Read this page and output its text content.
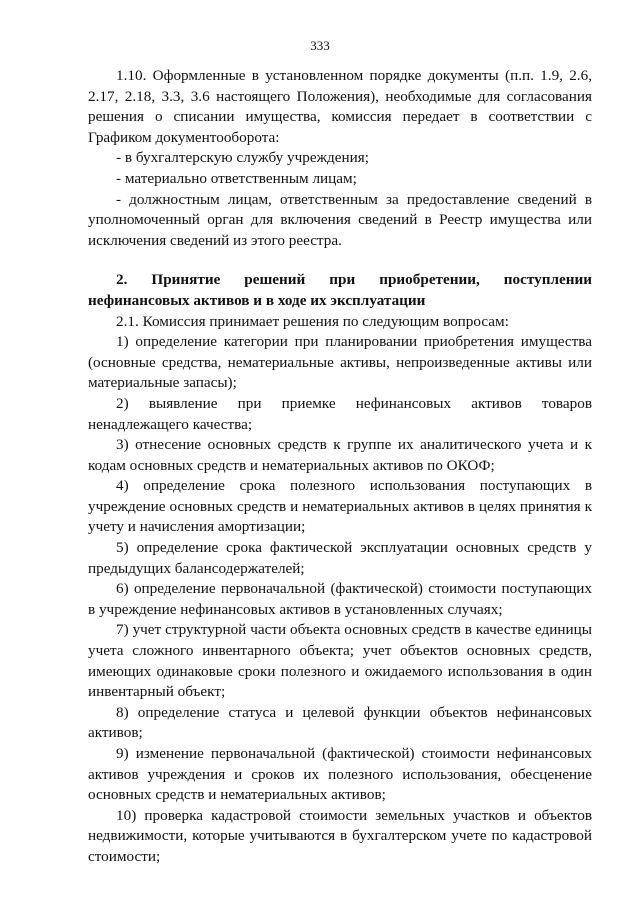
333

1.10. Оформленные в установленном порядке документы (п.п. 1.9, 2.6, 2.17, 2.18, 3.3, 3.6 настоящего Положения), необходимые для согласования решения о списании имущества, комиссия передает в соответствии с Графиком документооборота:

- в бухгалтерскую службу учреждения;

- материально ответственным лицам;

- должностным лицам, ответственным за предоставление сведений в уполномоченный орган для включения сведений в Реестр имущества или исключения сведений из этого реестра.

2. Принятие решений при приобретении, поступлении нефинансовых активов и в ходе их эксплуатации

2.1. Комиссия принимает решения по следующим вопросам:

1) определение категории при планировании приобретения имущества (основные средства, нематериальные активы, непроизведенные активы или материальные запасы);

2) выявление при приемке нефинансовых активов товаров ненадлежащего качества;

3) отнесение основных средств к группе их аналитического учета и к кодам основных средств и нематериальных активов по ОКОФ;

4) определение срока полезного использования поступающих в учреждение основных средств и нематериальных активов в целях принятия к учету и начисления амортизации;

5) определение срока фактической эксплуатации основных средств у предыдущих балансодержателей;

6) определение первоначальной (фактической) стоимости поступающих в учреждение нефинансовых активов в установленных случаях;

7) учет структурной части объекта основных средств в качестве единицы учета сложного инвентарного объекта; учет объектов основных средств, имеющих одинаковые сроки полезного и ожидаемого использования в один инвентарный объект;

8) определение статуса и целевой функции объектов нефинансовых активов;

9) изменение первоначальной (фактической) стоимости нефинансовых активов учреждения и сроков их полезного использования, обесценение основных средств и нематериальных активов;

10) проверка кадастровой стоимости земельных участков и объектов недвижимости, которые учитываются в бухгалтерском учете по кадастровой стоимости;
